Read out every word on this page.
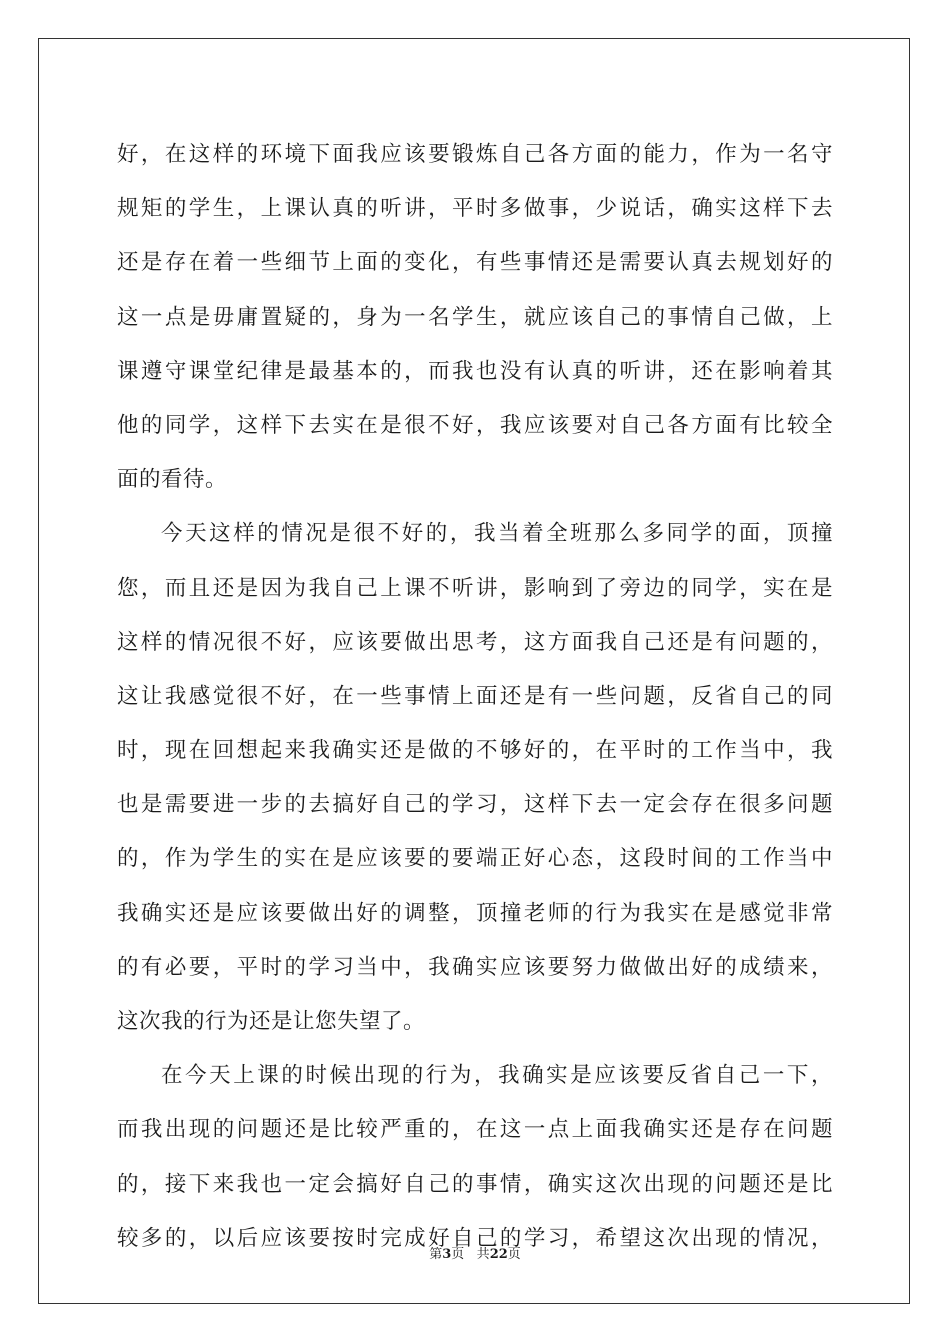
好，在这样的环境下面我应该要锻炼自己各方面的能力，作为一名守
规矩的学生，上课认真的听讲，平时多做事，少说话，确实这样下去
还是存在着一些细节上面的变化，有些事情还是需要认真去规划好的
这一点是毋庸置疑的，身为一名学生，就应该自己的事情自己做，上
课遵守课堂纪律是最基本的，而我也没有认真的听讲，还在影响着其
他的同学，这样下去实在是很不好，我应该要对自己各方面有比较全
面的看待。
今天这样的情况是很不好的，我当着全班那么多同学的面，顶撞
您，而且还是因为我自己上课不听讲，影响到了旁边的同学，实在是
这样的情况很不好，应该要做出思考，这方面我自己还是有问题的，
这让我感觉很不好，在一些事情上面还是有一些问题，反省自己的同
时，现在回想起来我确实还是做的不够好的，在平时的工作当中，我
也是需要进一步的去搞好自己的学习，这样下去一定会存在很多问题
的，作为学生的实在是应该要的要端正好心态，这段时间的工作当中
我确实还是应该要做出好的调整，顶撞老师的行为我实在是感觉非常
的有必要，平时的学习当中，我确实应该要努力做做出好的成绩来，
这次我的行为还是让您失望了。
在今天上课的时候出现的行为，我确实是应该要反省自己一下，
而我出现的问题还是比较严重的，在这一点上面我确实还是存在问题
的，接下来我也一定会搞好自己的事情，确实这次出现的问题还是比
较多的，以后应该要按时完成好自己的学习，希望这次出现的情况，
第3页 共22页
